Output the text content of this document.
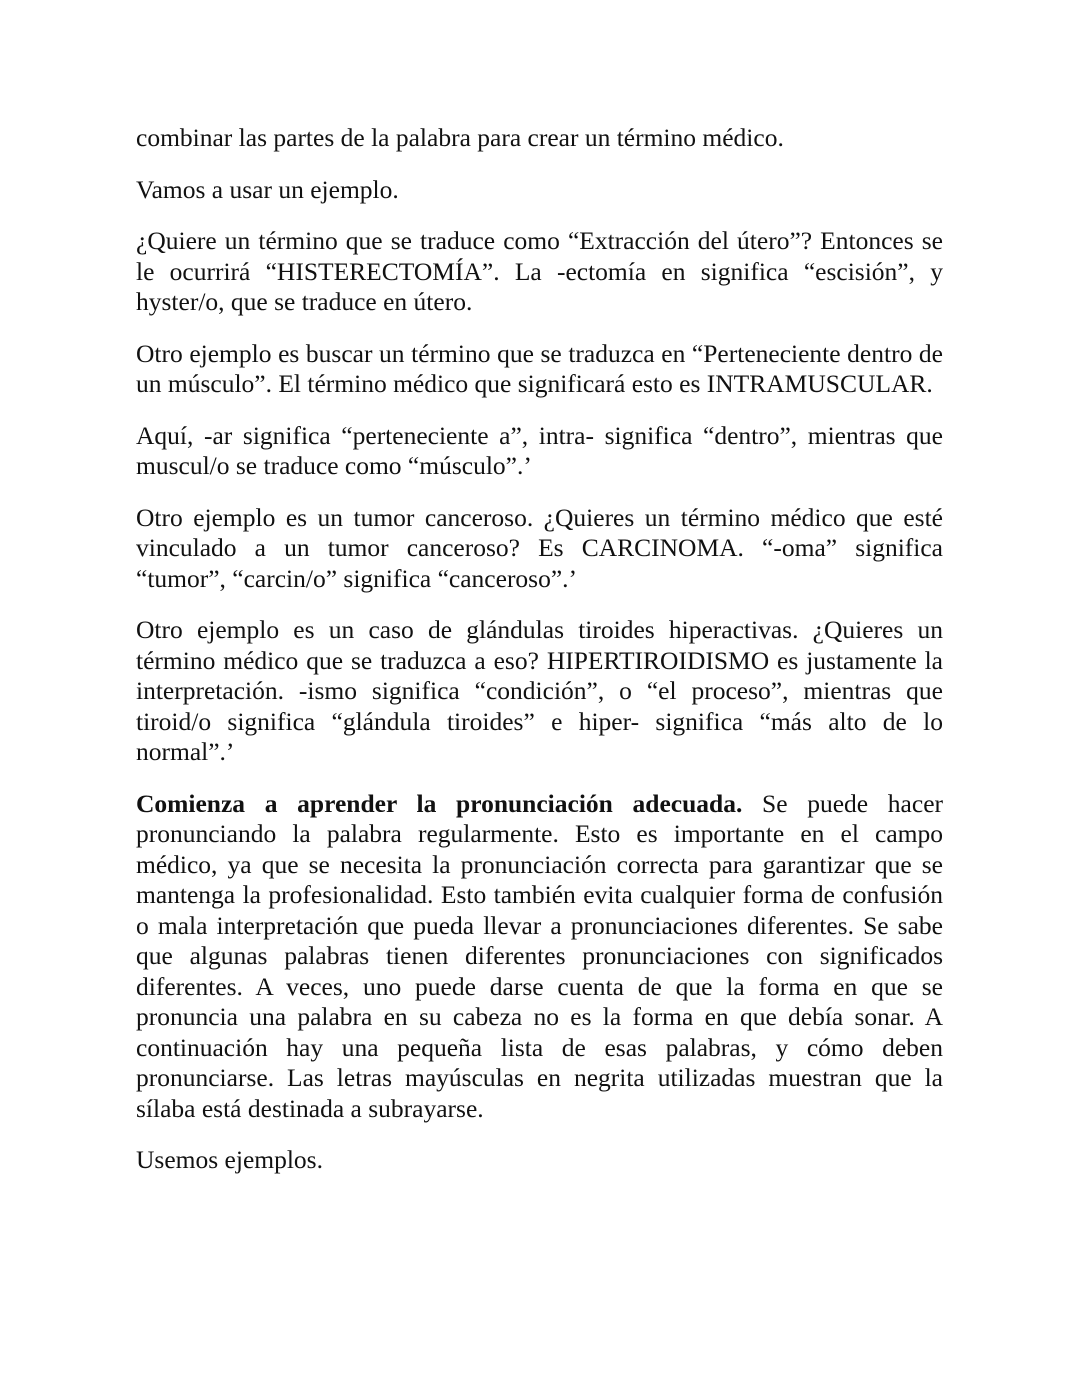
combinar las partes de la palabra para crear un término médico.

Vamos a usar un ejemplo.

¿Quiere un término que se traduce como “Extracción del útero”? Entonces se le ocurrirá “HISTERECTOMÍA”. La -ectomía en significa “escisión”, y hyster/o, que se traduce en útero.

Otro ejemplo es buscar un término que se traduzca en “Perteneciente dentro de un músculo”. El término médico que significará esto es INTRAMUSCULAR.

Aquí, -ar significa “perteneciente a”, intra- significa “dentro”, mientras que muscul/o se traduce como “músculo”.’

Otro ejemplo es un tumor canceroso. ¿Quieres un término médico que esté vinculado a un tumor canceroso? Es CARCINOMA. “-oma” significa “tumor”, “carcin/o” significa “canceroso”.’

Otro ejemplo es un caso de glándulas tiroides hiperactivas. ¿Quieres un término médico que se traduzca a eso? HIPERTIROIDISMO es justamente la interpretación. -ismo significa “condición”, o “el proceso”, mientras que tiroid/o significa “glándula tiroides” e hiper- significa “más alto de lo normal”.’

Comienza a aprender la pronunciación adecuada. Se puede hacer pronunciando la palabra regularmente. Esto es importante en el campo médico, ya que se necesita la pronunciación correcta para garantizar que se mantenga la profesionalidad. Esto también evita cualquier forma de confusión o mala interpretación que pueda llevar a pronunciaciones diferentes. Se sabe que algunas palabras tienen diferentes pronunciaciones con significados diferentes. A veces, uno puede darse cuenta de que la forma en que se pronuncia una palabra en su cabeza no es la forma en que debía sonar. A continuación hay una pequeña lista de esas palabras, y cómo deben pronunciarse. Las letras mayúsculas en negrita utilizadas muestran que la sílaba está destinada a subrayarse.

Usemos ejemplos.
